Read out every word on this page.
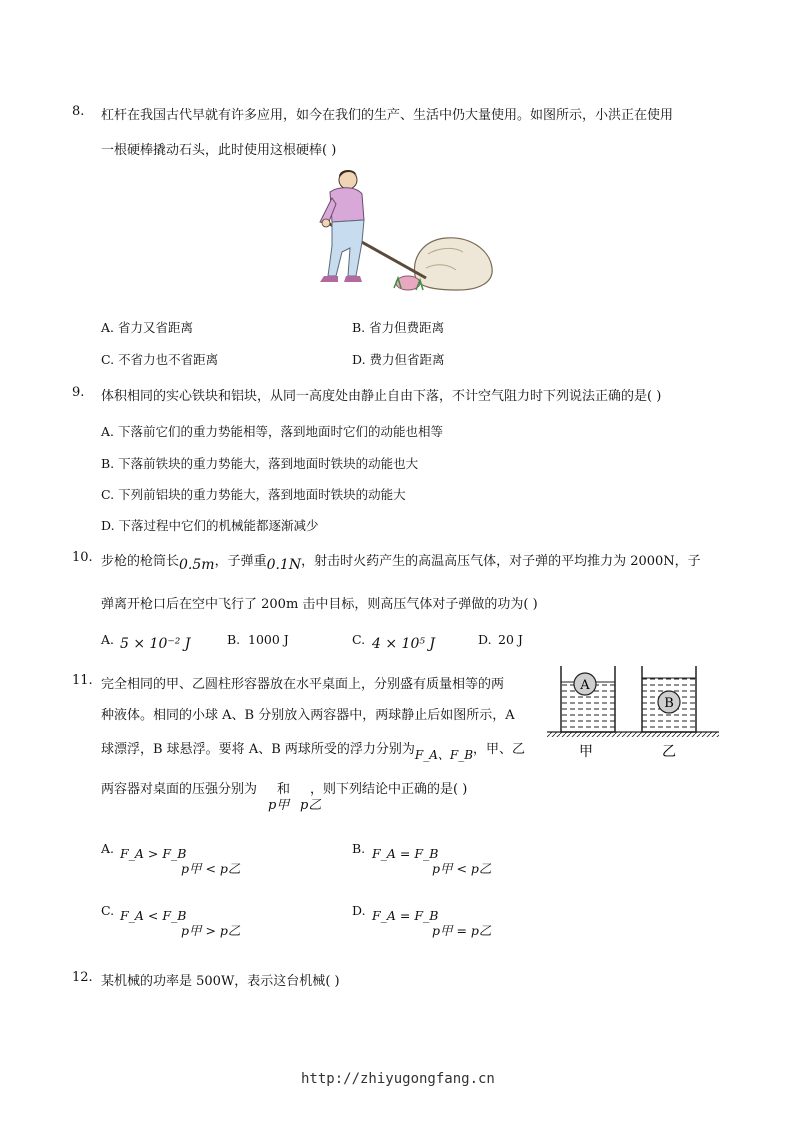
8. 杠杆在我国古代早就有许多应用，如今在我们的生产、生活中仍大量使用。如图所示，小洪正在使用
一根硬棒撬动石头，此时使用这根硬棒( )
A. 省力又省距离	B. 省力但费距离
C. 不省力也不省距离	D. 费力但省距离
9. 体积相同的实心铁块和铝块，从同一高度处由静止自由下落，不计空气阻力时下列说法正确的是( )
A. 下落前它们的重力势能相等，落到地面时它们的动能也相等
B. 下落前铁块的重力势能大，落到地面时铁块的动能也大
C. 下列前铝块的重力势能大，落到地面时铁块的动能大
D. 下落过程中它们的机械能都逐渐减少
10. 步枪的枪筒长0.5m，子弹重0.1N，射击时火药产生的高温高压气体，对子弹的平均推力为 2000N，子
弹离开枪口后在空中飞行了 200m 击中目标，则高压气体对子弹做的功为( )
A. 5 × 10⁻² J	B. 1000 J	C. 4 × 10⁵ J	D. 20 J
11. 完全相同的甲、乙圆柱形容器放在水平桌面上，分别盛有质量相等的两
种液体。相同的小球 A、B 分别放入两容器中，两球静止后如图所示，A
球漂浮，B 球悬浮。要将 A、B 两球所受的浮力分别为F_A、F_B，甲、乙
两容器对桌面的压强分别为 和 ，则下列结论中正确的是( )
p甲 p乙
A
B
甲	乙
A. F_A > F_B
p甲 < p乙
B. F_A = F_B
p甲 < p乙
C. F_A < F_B
p甲 > p乙
D. F_A = F_B
p甲 = p乙
12. 某机械的功率是 500W，表示这台机械( )
http://zhiyugongfang.cn
